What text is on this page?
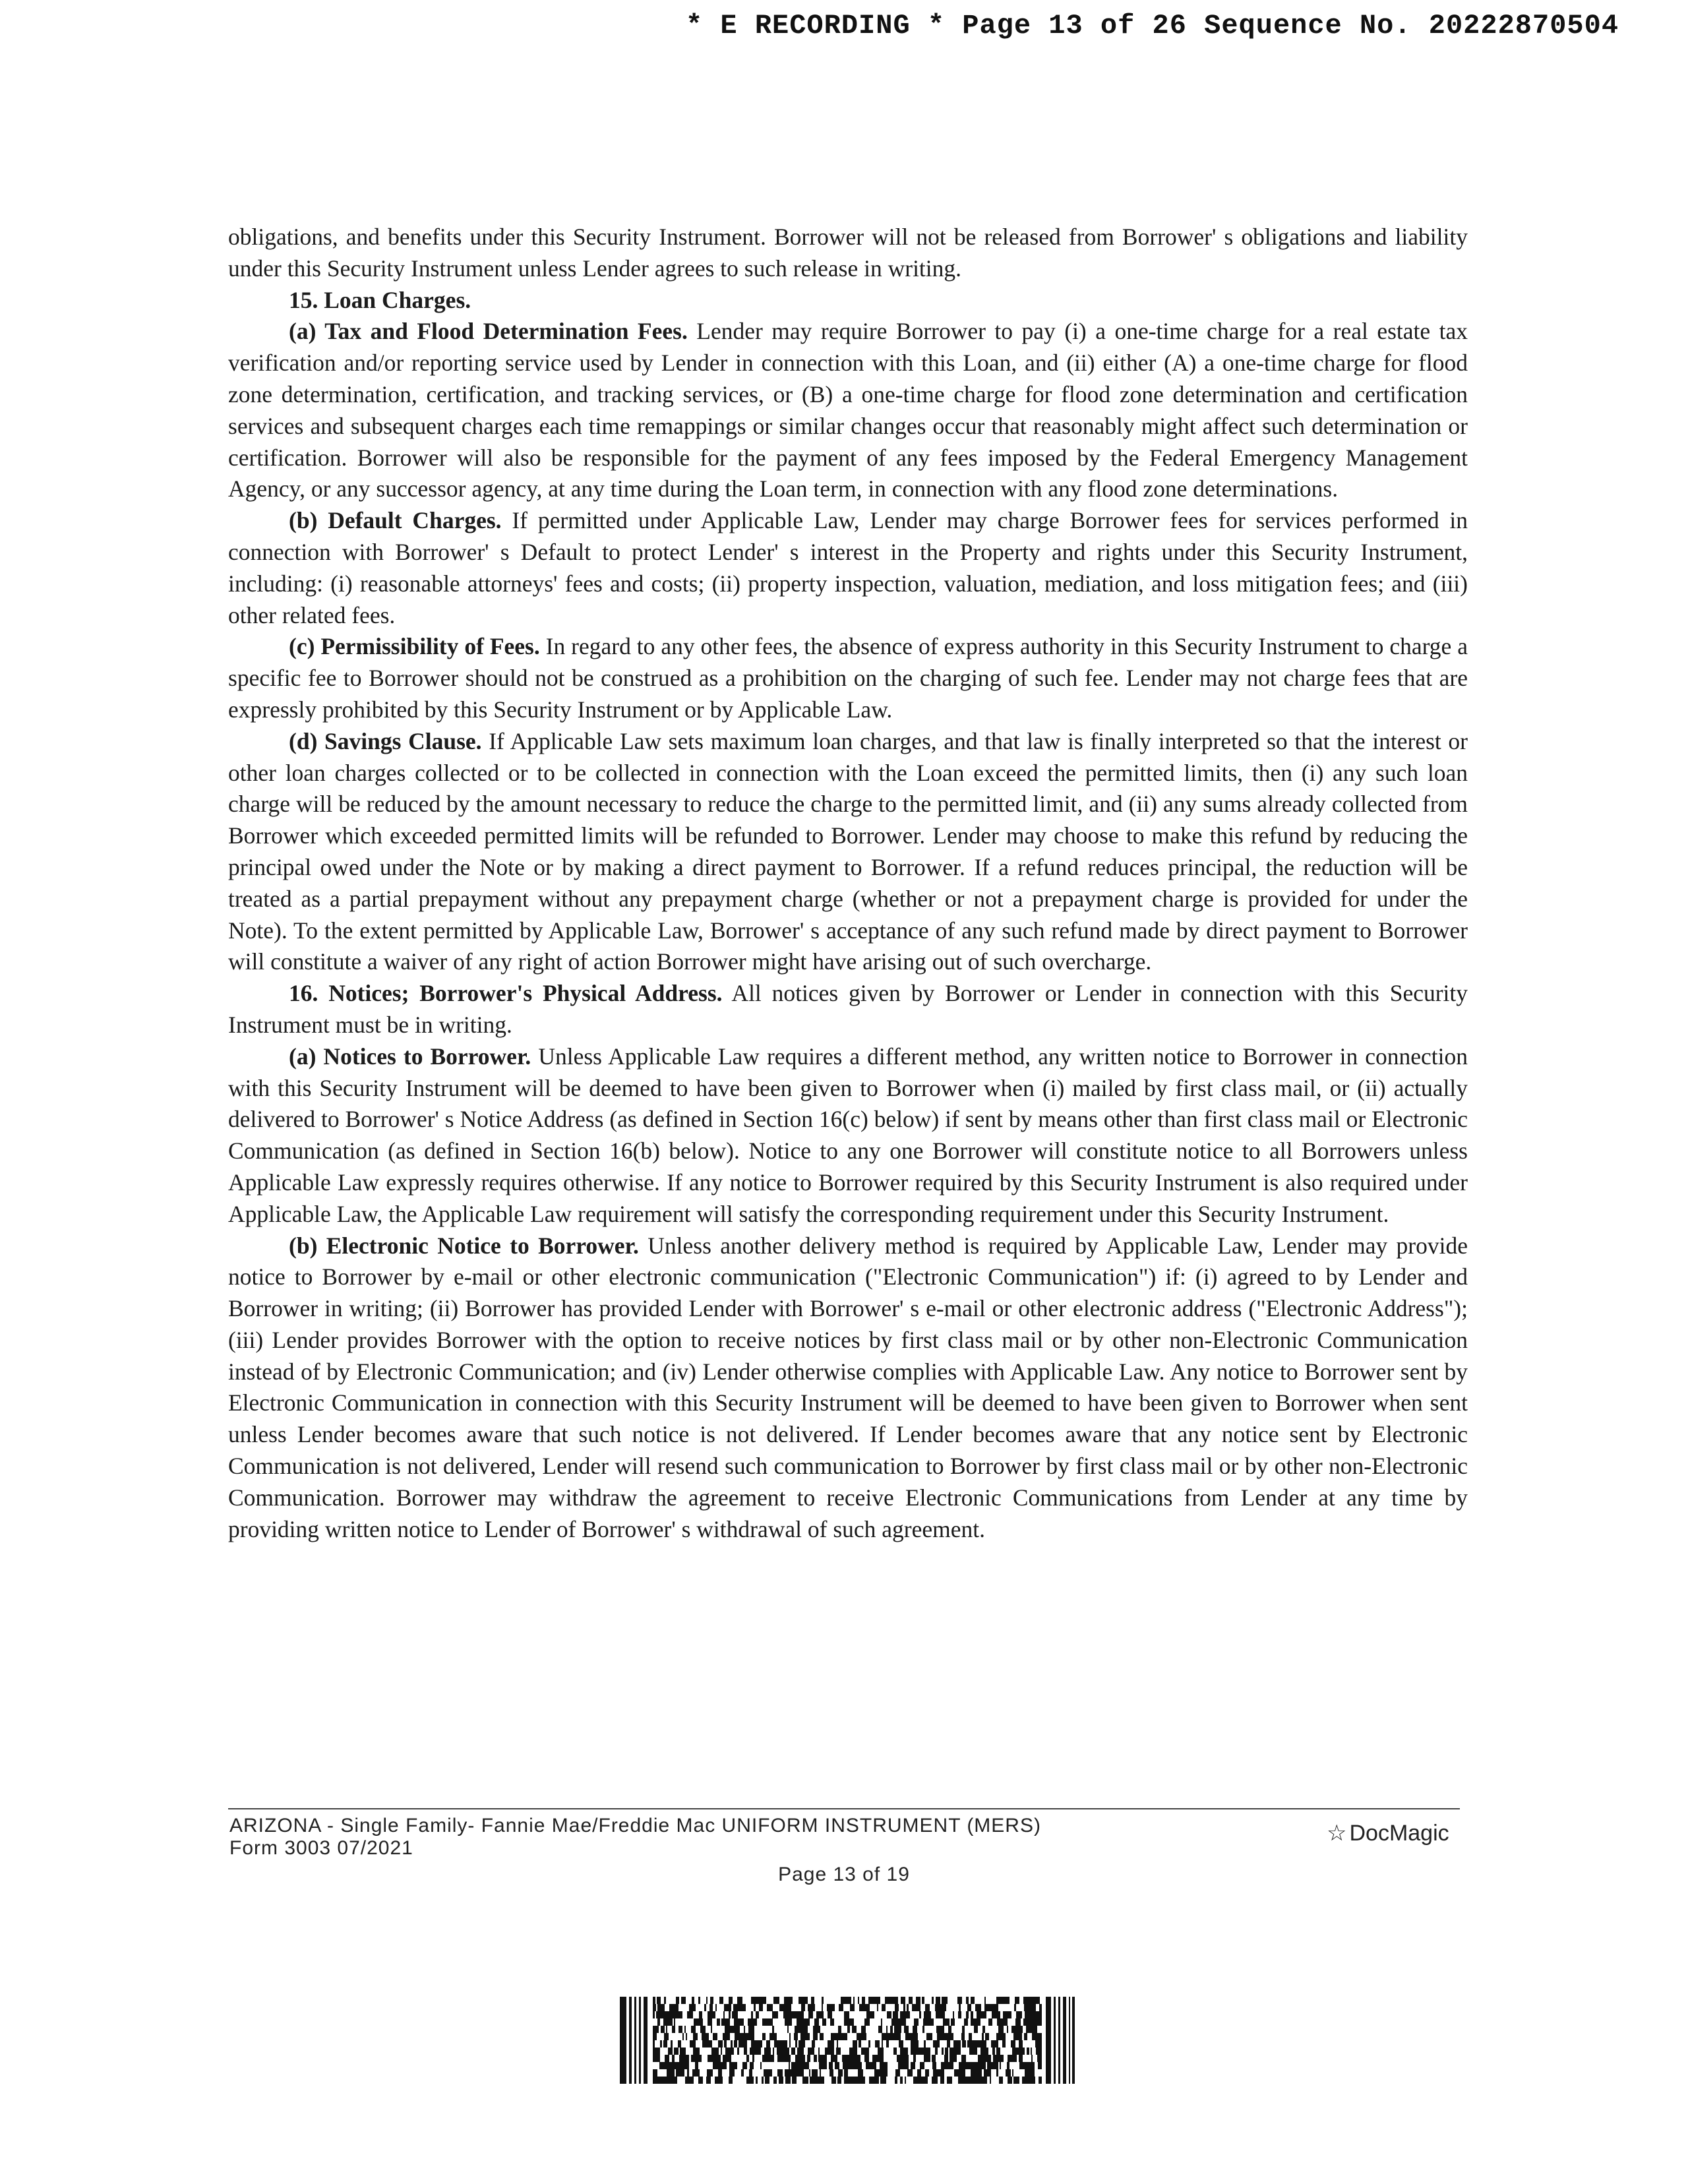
* E RECORDING * Page 13 of 26 Sequence No. 20222870504

obligations, and benefits under this Security Instrument. Borrower will not be released from Borrower' s obligations and liability under this Security Instrument unless Lender agrees to such release in writing.

15. Loan Charges.

(a) Tax and Flood Determination Fees. Lender may require Borrower to pay (i) a one-time charge for a real estate tax verification and/or reporting service used by Lender in connection with this Loan, and (ii) either (A) a one-time charge for flood zone determination, certification, and tracking services, or (B) a one-time charge for flood zone determination and certification services and subsequent charges each time remappings or similar changes occur that reasonably might affect such determination or certification. Borrower will also be responsible for the payment of any fees imposed by the Federal Emergency Management Agency, or any successor agency, at any time during the Loan term, in connection with any flood zone determinations.

(b) Default Charges. If permitted under Applicable Law, Lender may charge Borrower fees for services performed in connection with Borrower' s Default to protect Lender' s interest in the Property and rights under this Security Instrument, including: (i) reasonable attorneys' fees and costs; (ii) property inspection, valuation, mediation, and loss mitigation fees; and (iii) other related fees.

(c) Permissibility of Fees. In regard to any other fees, the absence of express authority in this Security Instrument to charge a specific fee to Borrower should not be construed as a prohibition on the charging of such fee. Lender may not charge fees that are expressly prohibited by this Security Instrument or by Applicable Law.

(d) Savings Clause. If Applicable Law sets maximum loan charges, and that law is finally interpreted so that the interest or other loan charges collected or to be collected in connection with the Loan exceed the permitted limits, then (i) any such loan charge will be reduced by the amount necessary to reduce the charge to the permitted limit, and (ii) any sums already collected from Borrower which exceeded permitted limits will be refunded to Borrower. Lender may choose to make this refund by reducing the principal owed under the Note or by making a direct payment to Borrower. If a refund reduces principal, the reduction will be treated as a partial prepayment without any prepayment charge (whether or not a prepayment charge is provided for under the Note). To the extent permitted by Applicable Law, Borrower' s acceptance of any such refund made by direct payment to Borrower will constitute a waiver of any right of action Borrower might have arising out of such overcharge.

16. Notices; Borrower's Physical Address. All notices given by Borrower or Lender in connection with this Security Instrument must be in writing.

(a) Notices to Borrower. Unless Applicable Law requires a different method, any written notice to Borrower in connection with this Security Instrument will be deemed to have been given to Borrower when (i) mailed by first class mail, or (ii) actually delivered to Borrower' s Notice Address (as defined in Section 16(c) below) if sent by means other than first class mail or Electronic Communication (as defined in Section 16(b) below). Notice to any one Borrower will constitute notice to all Borrowers unless Applicable Law expressly requires otherwise. If any notice to Borrower required by this Security Instrument is also required under Applicable Law, the Applicable Law requirement will satisfy the corresponding requirement under this Security Instrument.

(b) Electronic Notice to Borrower. Unless another delivery method is required by Applicable Law, Lender may provide notice to Borrower by e-mail or other electronic communication ("Electronic Communication") if: (i) agreed to by Lender and Borrower in writing; (ii) Borrower has provided Lender with Borrower' s e-mail or other electronic address ("Electronic Address"); (iii) Lender provides Borrower with the option to receive notices by first class mail or by other non-Electronic Communication instead of by Electronic Communication; and (iv) Lender otherwise complies with Applicable Law. Any notice to Borrower sent by Electronic Communication in connection with this Security Instrument will be deemed to have been given to Borrower when sent unless Lender becomes aware that such notice is not delivered. If Lender becomes aware that any notice sent by Electronic Communication is not delivered, Lender will resend such communication to Borrower by first class mail or by other non-Electronic Communication. Borrower may withdraw the agreement to receive Electronic Communications from Lender at any time by providing written notice to Lender of Borrower' s withdrawal of such agreement.

ARIZONA - Single Family- Fannie Mae/Freddie Mac UNIFORM INSTRUMENT (MERS)
Form 3003 07/2021
☆ DocMagic
Page 13 of 19
